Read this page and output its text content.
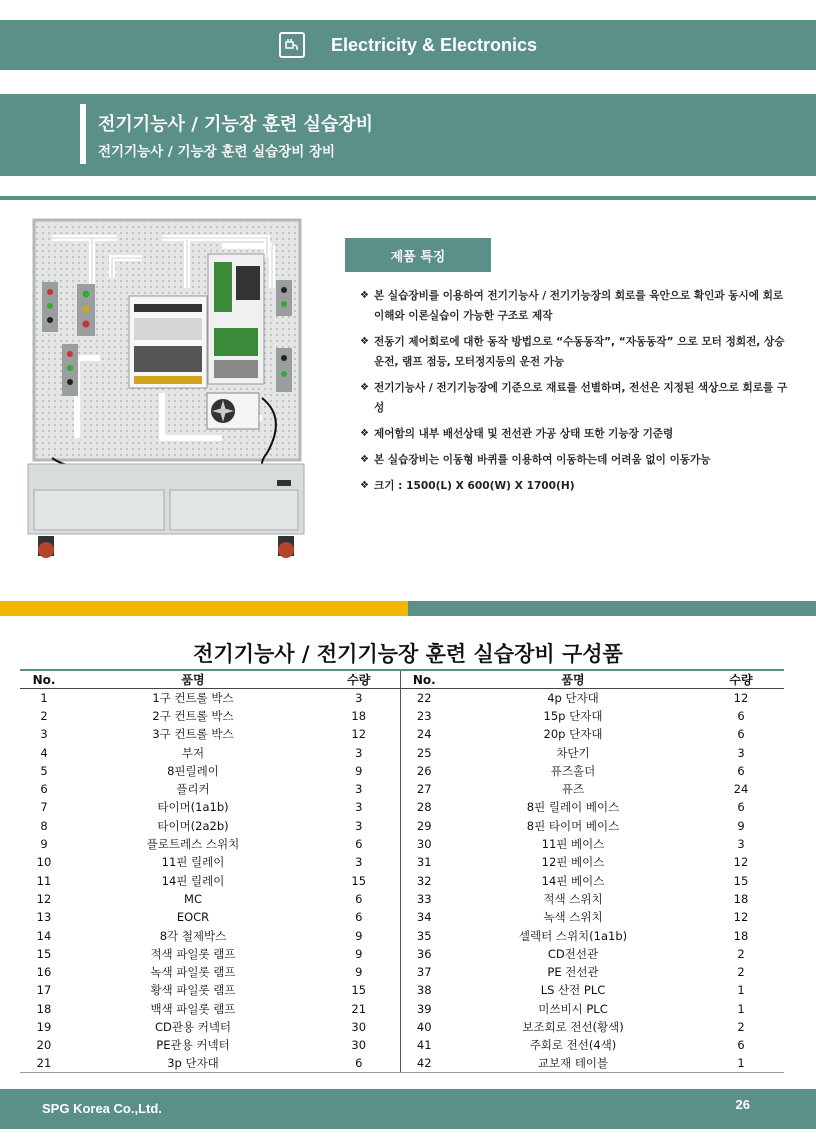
Electricity & Electronics
전기기능사 / 기능장 훈련 실습장비
전기기능사 / 기능장 훈련 실습장비 장비
제품 특징
❖ 본 실습장비를 이용하여 전기기능사 / 전기기능장의 회로를 육안으로 확인과 동시에 회로이해와 이론실습이 가능한 구조로 제작
❖ 전동기 제어회로에 대한 동작 방법으로 “수동동작”, “자동동작” 으로 모터 정회전, 상승운전, 램프 점등, 모터정지등의 운전 가능
❖ 전기기능사 / 전기기능장에 기준으로 재료를 선별하며, 전선은 지정된 색상으로 회로를 구성
❖ 제어함의 내부 배선상태 및 전선관 가공 상태 또한 기능장 기준령
❖ 본 실습장비는 이동형 바퀴를 이용하여 이동하는데 어려움 없이 이동가능
❖ 크기 : 1500(L) X 600(W) X 1700(H)
전기기능사 / 전기기능장 훈련 실습장비 구성품
No.	품명	수량	No.	품명	수량
1	1구 컨트롤 박스	3	22	4p 단자대	12
2	2구 컨트롤 박스	18	23	15p 단자대	6
3	3구 컨트롤 박스	12	24	20p 단자대	6
4	부저	3	25	차단기	3
5	8핀릴레이	9	26	퓨즈홀더	6
6	플리커	3	27	퓨즈	24
7	타이머(1a1b)	3	28	8핀 릴레이 베이스	6
8	타이머(2a2b)	3	29	8핀 타이머 베이스	9
9	플로트레스 스위치	6	30	11핀 베이스	3
10	11핀 릴레이	3	31	12핀 베이스	12
11	14핀 릴레이	15	32	14핀 베이스	15
12	MC	6	33	적색 스위치	18
13	EOCR	6	34	녹색 스위치	12
14	8각 철제박스	9	35	셀렉터 스위치(1a1b)	18
15	적색 파일롯 램프	9	36	CD전선관	2
16	녹색 파일롯 램프	9	37	PE 전선관	2
17	황색 파일롯 램프	15	38	LS 산전 PLC	1
18	백색 파일롯 램프	21	39	미쓰비시 PLC	1
19	CD관용 커넥터	30	40	보조회로 전선(황색)	2
20	PE관용 커넥터	30	41	주회로 전선(4색)	6
21	3p 단자대	6	42	교보재 테이블	1
SPG Korea Co.,Ltd.	26
